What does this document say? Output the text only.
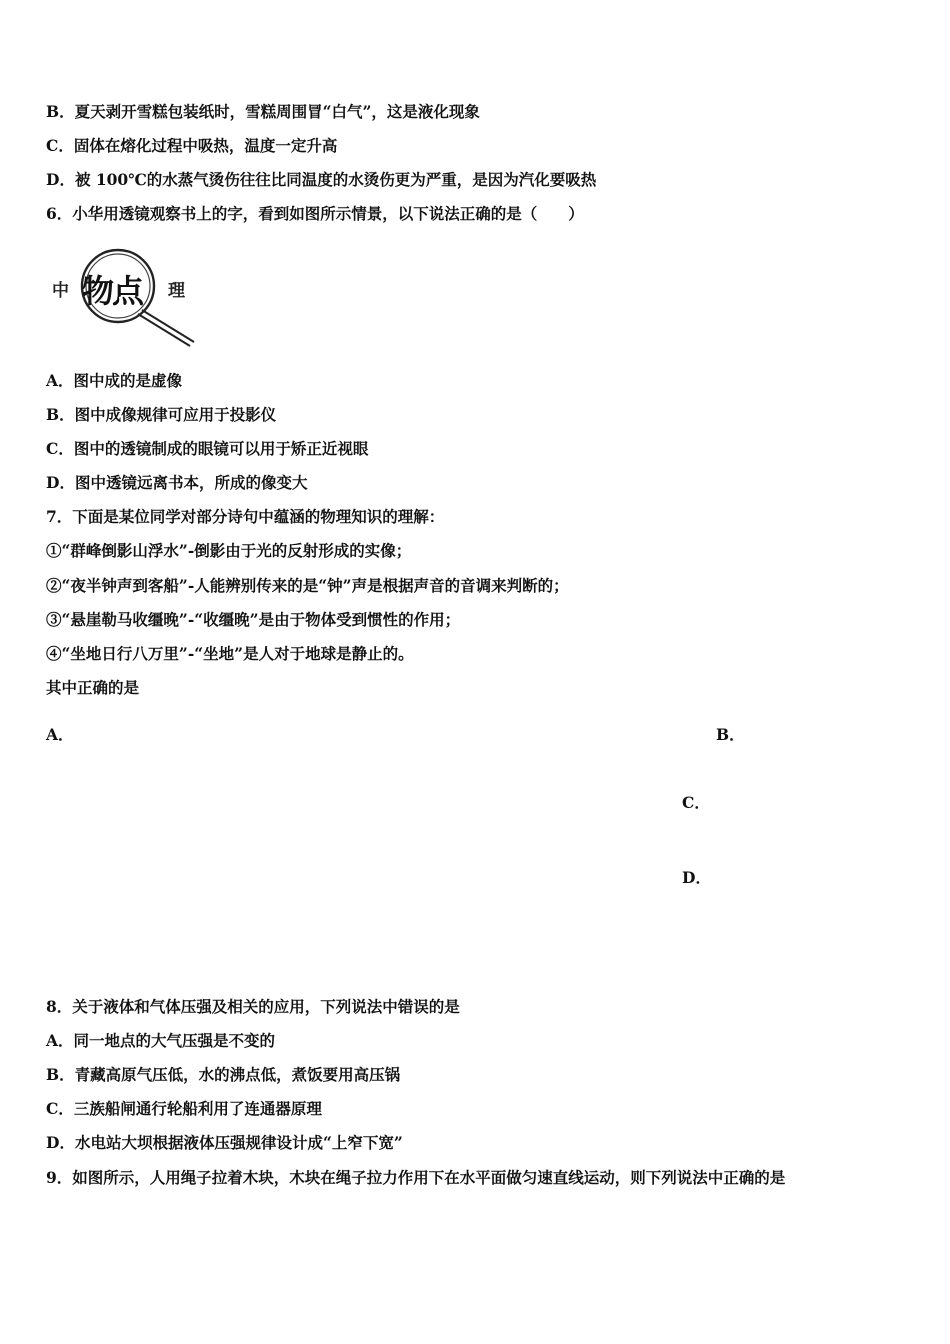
B．夏天剥开雪糕包装纸时，雪糕周围冒“白气”，这是液化现象
C．固体在熔化过程中吸热，温度一定升高
D．被 100℃的水蒸气烫伤往往比同温度的水烫伤更为严重，是因为汽化要吸热
6．小华用透镜观察书上的字，看到如图所示情景，以下说法正确的是（　　）
中 物点 理
A．图中成的是虚像
B．图中成像规律可应用于投影仪
C．图中的透镜制成的眼镜可以用于矫正近视眼
D．图中透镜远离书本，所成的像变大
7．下面是某位同学对部分诗句中蕴涵的物理知识的理解：
①“群峰倒影山浮水”-倒影由于光的反射形成的实像；
②“夜半钟声到客船”-人能辨别传来的是“钟”声是根据声音的音调来判断的；
③“悬崖勒马收缰晚”-“收缰晚”是由于物体受到惯性的作用；
④“坐地日行八万里”-“坐地”是人对于地球是静止的。
其中正确的是
A．	B．
C．
D．
8．关于液体和气体压强及相关的应用，下列说法中错误的是
A．同一地点的大气压强是不变的
B．青藏高原气压低，水的沸点低，煮饭要用高压锅
C．三族船闸通行轮船利用了连通器原理
D．水电站大坝根据液体压强规律设计成“上窄下宽”
9．如图所示，人用绳子拉着木块，木块在绳子拉力作用下在水平面做匀速直线运动，则下列说法中正确的是
